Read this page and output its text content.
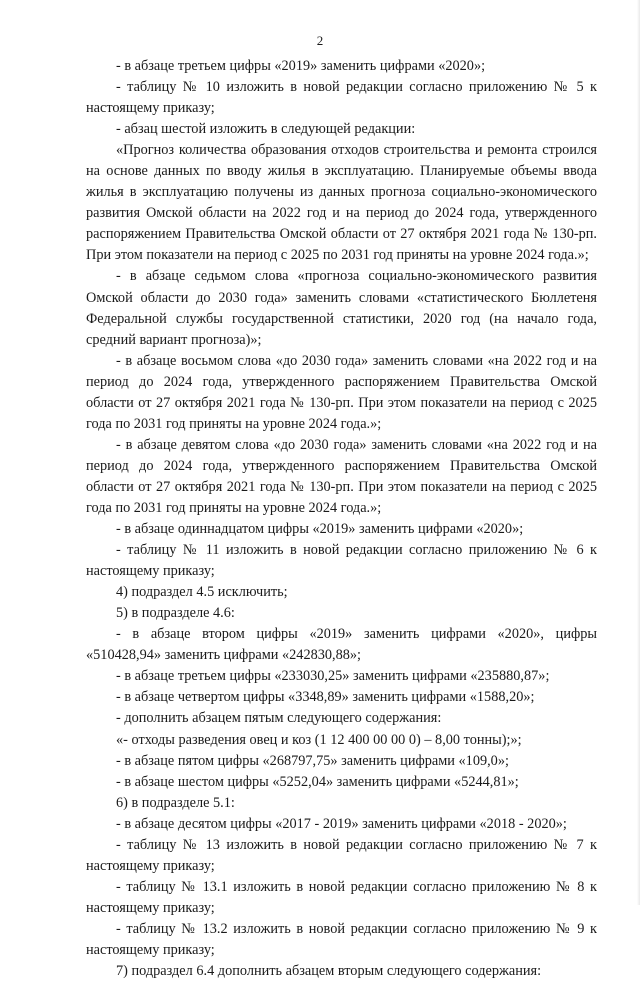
2

- в абзаце третьем цифры «2019» заменить цифрами «2020»;

- таблицу № 10 изложить в новой редакции согласно приложению № 5 к настоящему приказу;

- абзац шестой изложить в следующей редакции:

«Прогноз количества образования отходов строительства и ремонта строился на основе данных по вводу жилья в эксплуатацию. Планируемые объемы ввода жилья в эксплуатацию получены из данных прогноза социально-экономического развития Омской области на 2022 год и на период до 2024 года, утвержденного распоряжением Правительства Омской области от 27 октября 2021 года № 130-рп. При этом показатели на период с 2025 по 2031 год приняты на уровне 2024 года.»;

- в абзаце седьмом слова «прогноза социально-экономического развития Омской области до 2030 года» заменить словами «статистического Бюллетеня Федеральной службы государственной статистики, 2020 год (на начало года, средний вариант прогноза)»;

- в абзаце восьмом слова «до 2030 года» заменить словами «на 2022 год и на период до 2024 года, утвержденного распоряжением Правительства Омской области от 27 октября 2021 года № 130-рп. При этом показатели на период с 2025 года по 2031 год приняты на уровне 2024 года.»;

- в абзаце девятом слова «до 2030 года» заменить словами «на 2022 год и на период до 2024 года, утвержденного распоряжением Правительства Омской области от 27 октября 2021 года № 130-рп. При этом показатели на период с 2025 года по 2031 год приняты на уровне 2024 года.»;

- в абзаце одиннадцатом цифры «2019» заменить цифрами «2020»;

- таблицу № 11 изложить в новой редакции согласно приложению № 6 к настоящему приказу;

4) подраздел 4.5 исключить;

5) в подразделе 4.6:

- в абзаце втором цифры «2019» заменить цифрами «2020», цифры «510428,94» заменить цифрами «242830,88»;

- в абзаце третьем цифры «233030,25» заменить цифрами «235880,87»;

- в абзаце четвертом цифры «3348,89» заменить цифрами «1588,20»;

- дополнить абзацем пятым следующего содержания:

«- отходы разведения овец и коз (1 12 400 00 00 0) – 8,00 тонны);»;

- в абзаце пятом цифры «268797,75» заменить цифрами «109,0»;

- в абзаце шестом цифры «5252,04» заменить цифрами «5244,81»;

6) в подразделе 5.1:

- в абзаце десятом цифры «2017 - 2019» заменить цифрами «2018 - 2020»;

- таблицу № 13 изложить в новой редакции согласно приложению № 7 к настоящему приказу;

- таблицу № 13.1 изложить в новой редакции согласно приложению № 8 к настоящему приказу;

- таблицу № 13.2 изложить в новой редакции согласно приложению № 9 к настоящему приказу;

7) подраздел 6.4 дополнить абзацем вторым следующего содержания:
